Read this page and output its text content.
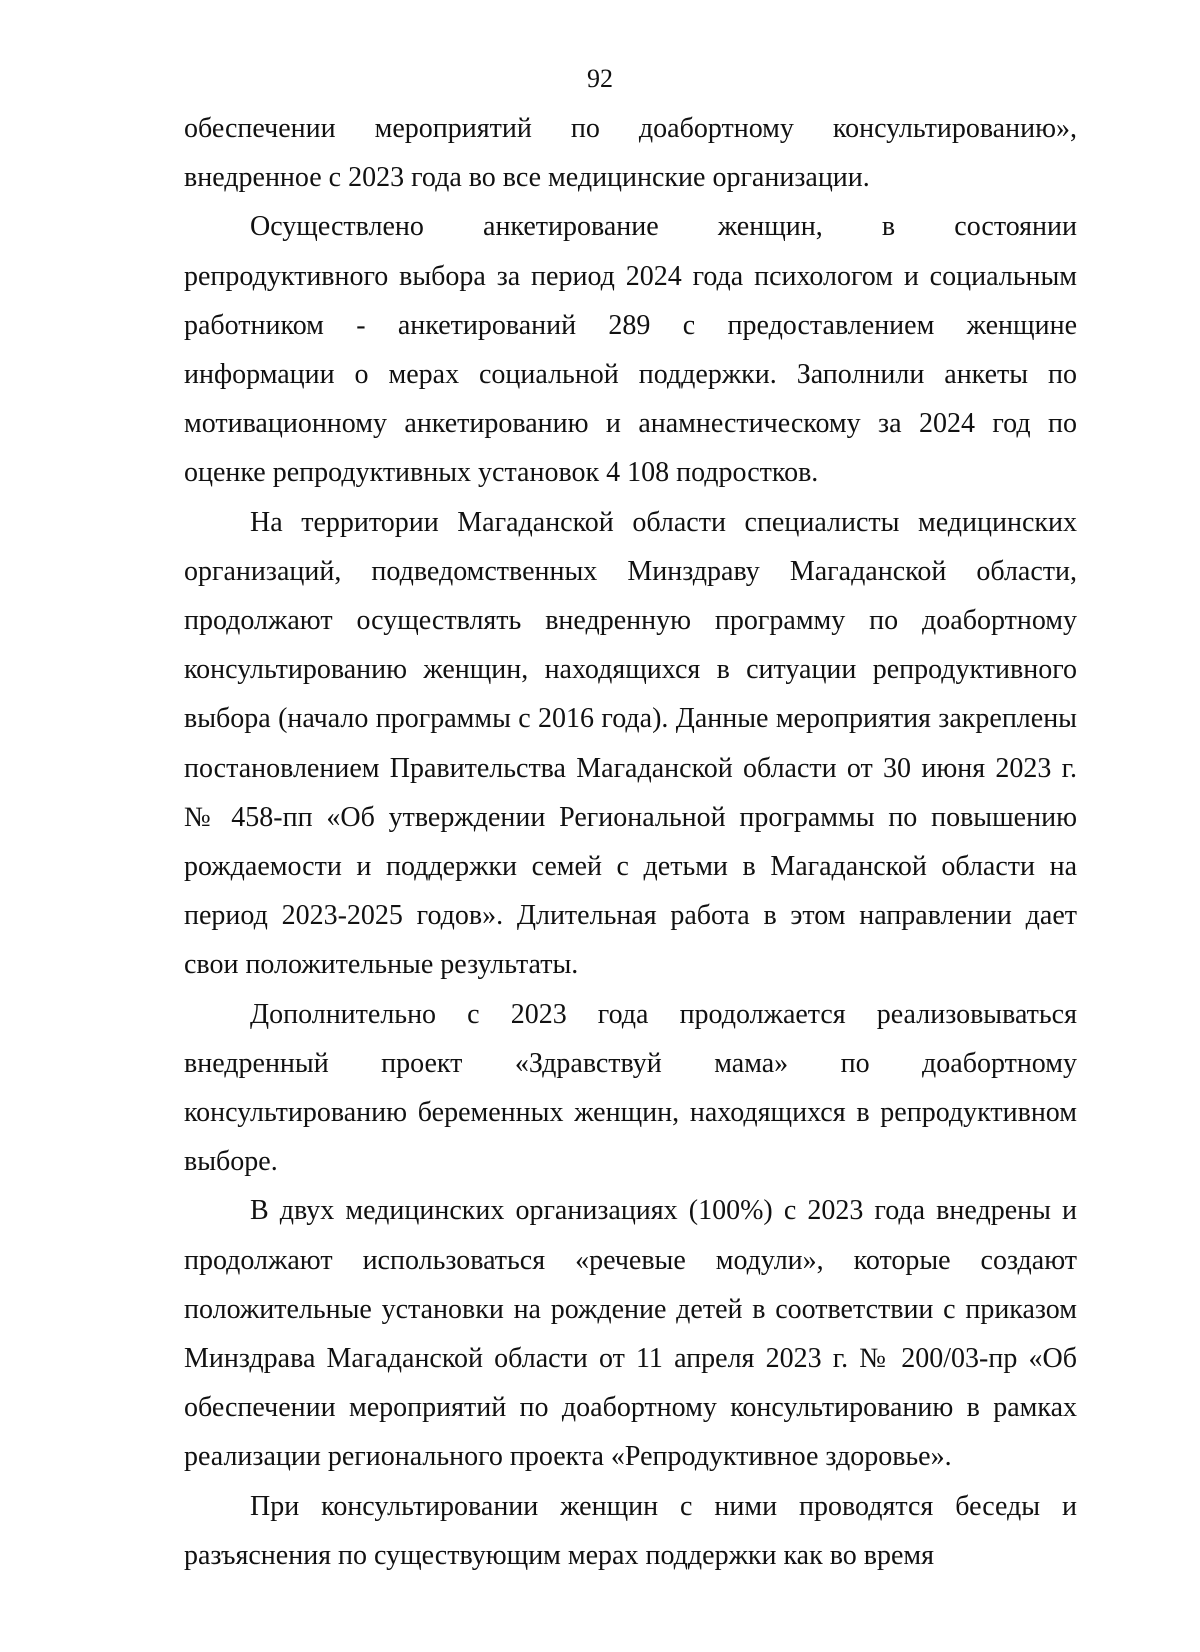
92

обеспечении мероприятий по доабортному консультированию», внедренное с 2023 года во все медицинские организации.

Осуществлено анкетирование женщин, в состоянии репродуктивного выбора за период 2024 года психологом и социальным работником - анкетирований 289 с предоставлением женщине информации о мерах социальной поддержки. Заполнили анкеты по мотивационному анкетированию и анамнестическому за 2024 год по оценке репродуктивных установок 4 108 подростков.

На территории Магаданской области специалисты медицинских организаций, подведомственных Минздраву Магаданской области, продолжают осуществлять внедренную программу по доабортному консультированию женщин, находящихся в ситуации репродуктивного выбора (начало программы с 2016 года). Данные мероприятия закреплены постановлением Правительства Магаданской области от 30 июня 2023 г. № 458-пп «Об утверждении Региональной программы по повышению рождаемости и поддержки семей с детьми в Магаданской области на период 2023-2025 годов». Длительная работа в этом направлении дает свои положительные результаты.

Дополнительно с 2023 года продолжается реализовываться внедренный проект «Здравствуй мама» по доабортному консультированию беременных женщин, находящихся в репродуктивном выборе.

В двух медицинских организациях (100%) с 2023 года внедрены и продолжают использоваться «речевые модули», которые создают положительные установки на рождение детей в соответствии с приказом Минздрава Магаданской области от 11 апреля 2023 г. № 200/03-пр «Об обеспечении мероприятий по доабортному консультированию в рамках реализации регионального проекта «Репродуктивное здоровье».

При консультировании женщин с ними проводятся беседы и разъяснения по существующим мерах поддержки как во время
